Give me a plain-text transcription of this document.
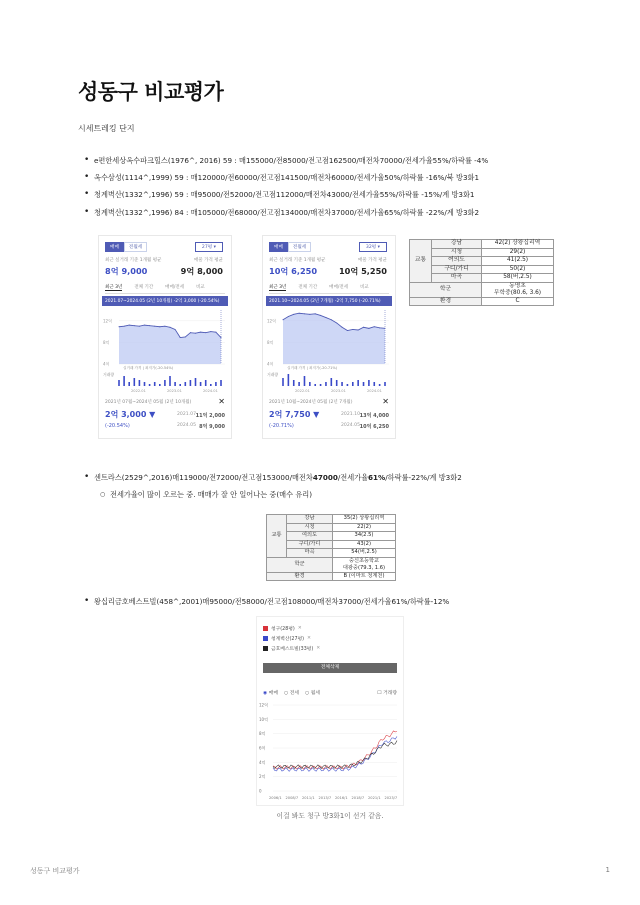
성동구 비교평가
시세트레킹 단지
• e편한세상옥수파크힐스(1976^, 2016) 59 : 매155000/전85000/전고점162500/매전차70000/전세가율55%/하락률 -4%
• 옥수삼성(1114^,1999) 59 : 매120000/전60000/전고점141500/매전차60000/전세가율50%/하락률 -16%/북 방3화1
• 청계벽산(1332^,1996) 59 : 매95000/전52000/전고점112000/매전차43000/전세가율55%/하락률 -15%/계 방3화1
• 청계벽산(1332^,1996) 84 : 매105000/전68000/전고점134000/매전차37000/전세가율65%/하락률 -22%/계 방3화2
매매 전월세	27평 ▾
최근 실거래 기준 1개월 평균	매물 가격 평균
8억 9,000	9억 8,000
최근 3년	전체 기간	매매/전세	비교
2021.07~2024.05 (2년 10개월) -2억 3,000 (-20.54%)
12억
8억
4억
실거래 가격 | 최저가(-20.54%)
거래량
2022.01	2023.01	2024.01
2021년 07월~2024년 05월 (2년 10개월)	✕
2억 3,000 ▼
(-20.54%)
2021.07 11억 2,000
2024.05 8억 9,000
매매 전월세	32평 ▾
최근 실거래 기준 1개월 평균	매물 가격 평균
10억 6,250	10억 5,250
최근 3년	전체 기간	매매/전세	비교
2021.10~2024.05 (2년 7개월) -2억 7,750 (-20.71%)
12억
8억
4억
실거래 가격 | 최저가(-20.71%)
거래량
2022.01	2023.01	2024.01
2021년 10월~2024년 05월 (2년 7개월)	✕
2억 7,750 ▼
(-20.71%)
2021.10 13억 4,000
2024.05 10억 6,250
교통	강남	42(2) 상왕십리역
	시청	29(2)
	여의도	41(2.5)
	구디/가디	50(2)
	마곡	58(버,2.5)
학군		동명초
무학중(80.6, 3.6)

환경		C
• 센트라스(2529^,2016)매119000/전72000/전고점153000/매전차47000/전세가율61%/하락률-22%/계 방3화2
○ 전세가율이 많이 오르는 중. 매매가 잘 안 일어나는 중(매수 유리)
교통	강남	35(2) 상왕십리역
	시청	22(2)
	여의도	34(2.5)
	구디/가디	43(2)
	마곡	54(버,2.5)
학군		숭신초등학교
대광중(79.3, 1.6)

환경		B (이마트 청계천)
• 왕십리금호베스트빌(458^,2001)매95000/전58000/전고점108000/매전차37000/전세가율61%/하락률-12%
청구(28평) ✕
청계벽산(27평) ✕
금호베스트빌(33평) ✕
전체삭제
◉ 매매 ○ 전세 ○ 월세	☐ 거래량
12억
10억
8억
6억
4억
2억
0
2006/1 2008/7 2011/1 2013/7 2016/1 2018/7 2021/1 2023/7
이걸 봐도 청구 방3화1이 선거 같음.
성동구 비교평가	1
